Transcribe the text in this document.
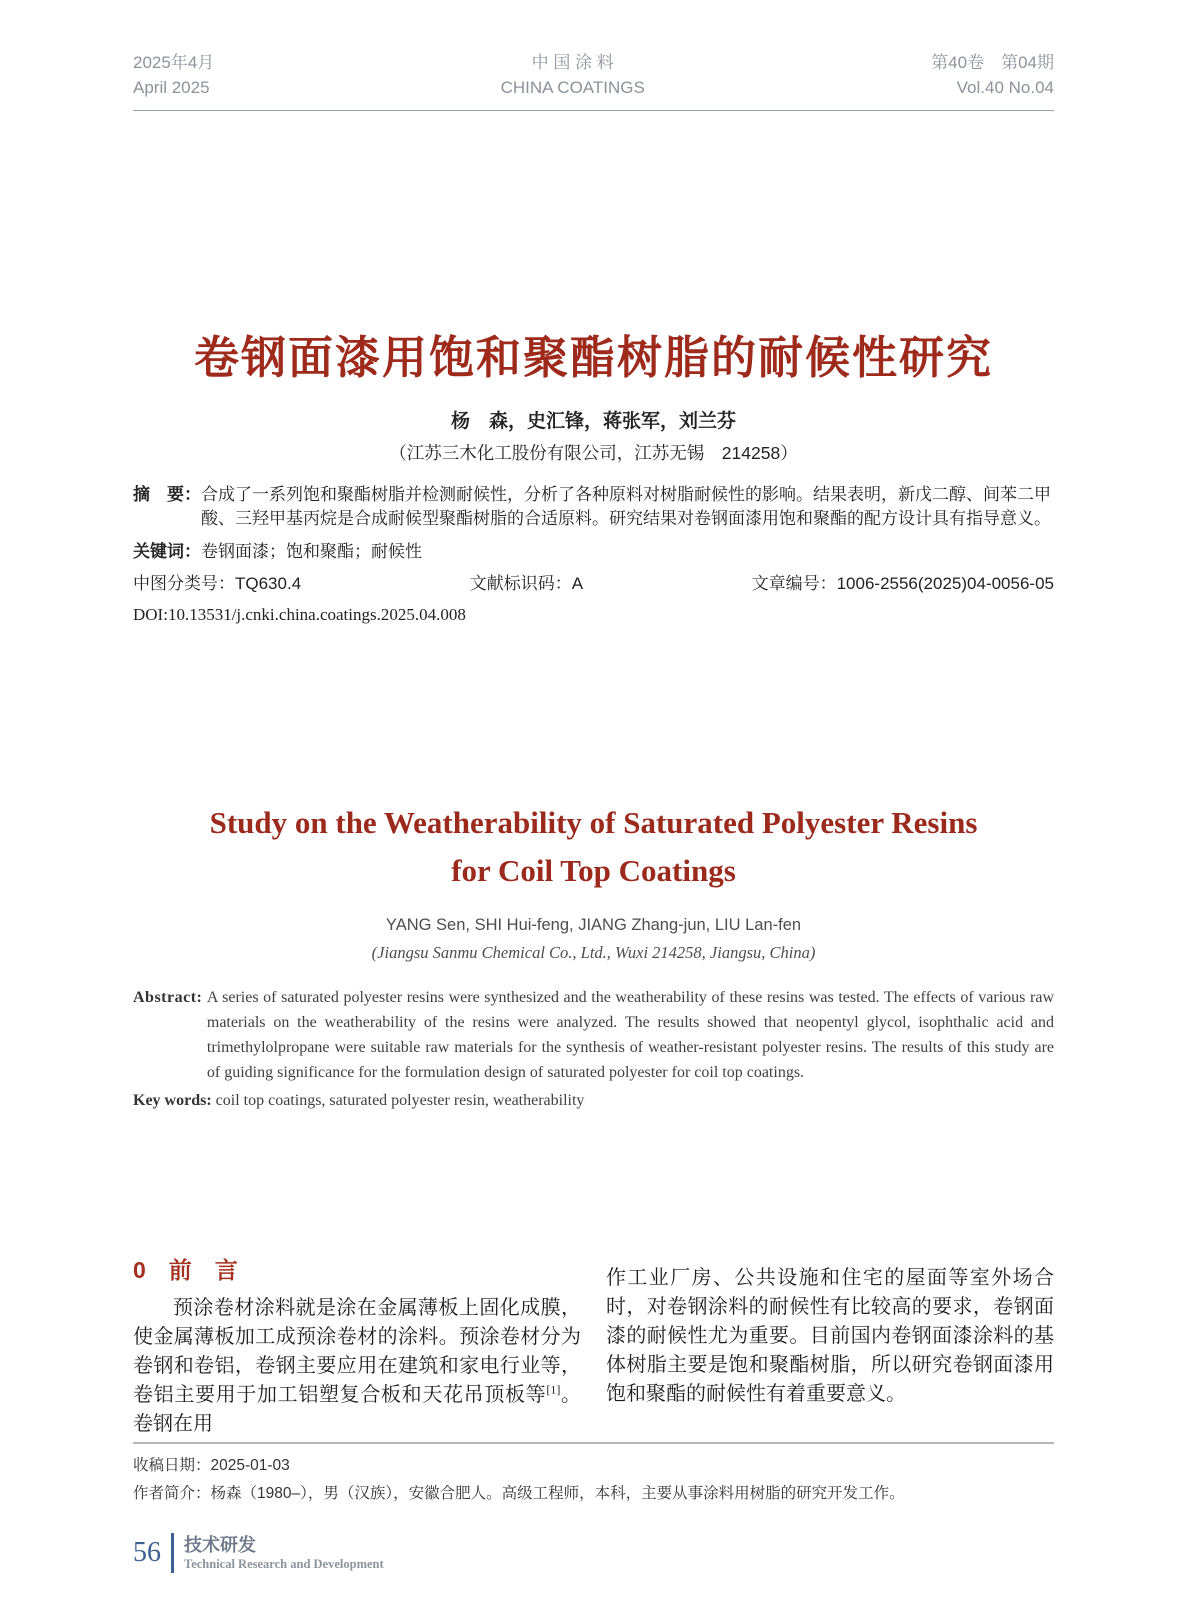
2025年4月
April 2025
中 国 涂 料
CHINA COATINGS
第40卷　第04期
Vol.40 No.04
卷钢面漆用饱和聚酯树脂的耐候性研究
杨　森，史汇锋，蒋张军，刘兰芬
（江苏三木化工股份有限公司，江苏无锡　214258）
摘　要： 合成了一系列饱和聚酯树脂并检测耐候性，分析了各种原料对树脂耐候性的影响。结果表明，新戊二醇、间苯二甲酸、三羟甲基丙烷是合成耐候型聚酯树脂的合适原料。研究结果对卷钢面漆用饱和聚酯的配方设计具有指导意义。
关键词： 卷钢面漆；饱和聚酯；耐候性
中图分类号：TQ630.4	文献标识码：A	文章编号：1006-2556(2025)04-0056-05
DOI:10.13531/j.cnki.china.coatings.2025.04.008
Study on the Weatherability of Saturated Polyester Resins
for Coil Top Coatings
YANG Sen, SHI Hui-feng, JIANG Zhang-jun, LIU Lan-fen
(Jiangsu Sanmu Chemical Co., Ltd., Wuxi 214258, Jiangsu, China)
Abstract: A series of saturated polyester resins were synthesized and the weatherability of these resins was tested. The effects of various raw materials on the weatherability of the resins were analyzed. The results showed that neopentyl glycol, isophthalic acid and trimethylolpropane were suitable raw materials for the synthesis of weather-resistant polyester resins. The results of this study are of guiding significance for the formulation design of saturated polyester for coil top coatings.
Key words: coil top coatings, saturated polyester resin, weatherability
0　前　言

预涂卷材涂料就是涂在金属薄板上固化成膜，使金属薄板加工成预涂卷材的涂料。预涂卷材分为卷钢和卷铝，卷钢主要应用在建筑和家电行业等，卷铝主要用于加工铝塑复合板和天花吊顶板等[1]。卷钢在用

作工业厂房、公共设施和住宅的屋面等室外场合时，对卷钢涂料的耐候性有比较高的要求，卷钢面漆的耐候性尤为重要。目前国内卷钢面漆涂料的基体树脂主要是饱和聚酯树脂，所以研究卷钢面漆用饱和聚酯的耐候性有着重要意义。

收稿日期：2025-01-03
作者简介：杨森（1980–），男（汉族），安徽合肥人。高级工程师，本科，主要从事涂料用树脂的研究开发工作。
56	技术研发
Technical Research and Development
